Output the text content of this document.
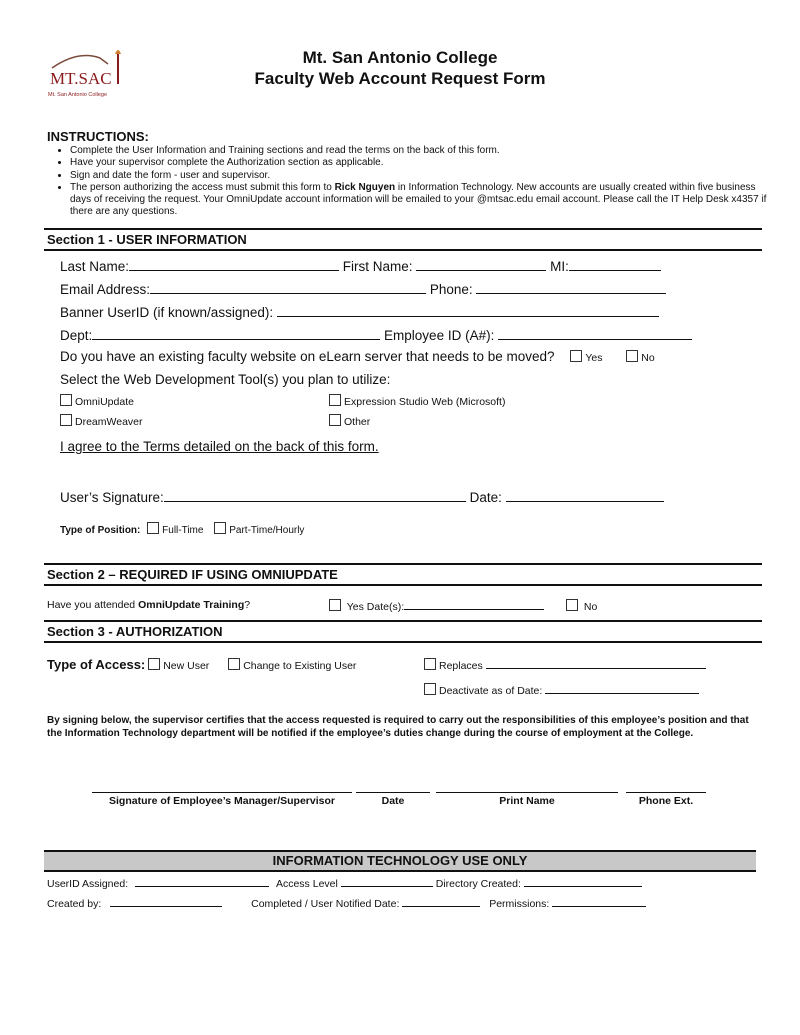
MT.SAC
Mt. San Antonio College
Mt. San Antonio College
Faculty Web Account Request Form
INSTRUCTIONS:
• Complete the User Information and Training sections and read the terms on the back of this form.
• Have your supervisor complete the Authorization section as applicable.
• Sign and date the form - user and supervisor.
• The person authorizing the access must submit this form to Rick Nguyen in Information Technology. New accounts are usually created within five business days of receiving the request. Your OmniUpdate account information will be emailed to your @mtsac.edu email account. Please call the IT Help Desk x4357 if there are any questions.
Section 1 - USER INFORMATION
Last Name:	First Name:	MI:
Email Address:	Phone:
Banner UserID (if known/assigned):
Dept:	Employee ID (A#):
Do you have an existing faculty website on eLearn server that needs to be moved?	Yes	No
Select the Web Development Tool(s) you plan to utilize:
OmniUpdate	Expression Studio Web (Microsoft)
DreamWeaver	Other
I agree to the Terms detailed on the back of this form.
User’s Signature:	Date:
Type of Position: Full-Time	Part-Time/Hourly
Section 2 – REQUIRED IF USING OMNIUPDATE
Have you attended OmniUpdate Training?	Yes Date(s):	No
Section 3 - AUTHORIZATION
Type of Access: New User	Change to Existing User	Replaces
Deactivate as of Date:
By signing below, the supervisor certifies that the access requested is required to carry out the responsibilities of this employee’s position and that the Information Technology department will be notified if the employee’s duties change during the course of employment at the College.
Signature of Employee’s Manager/Supervisor	Date	Print Name	Phone Ext.
INFORMATION TECHNOLOGY USE ONLY
UserID Assigned:	Access Level	Directory Created:
Created by:	Completed / User Notified Date:	Permissions:
